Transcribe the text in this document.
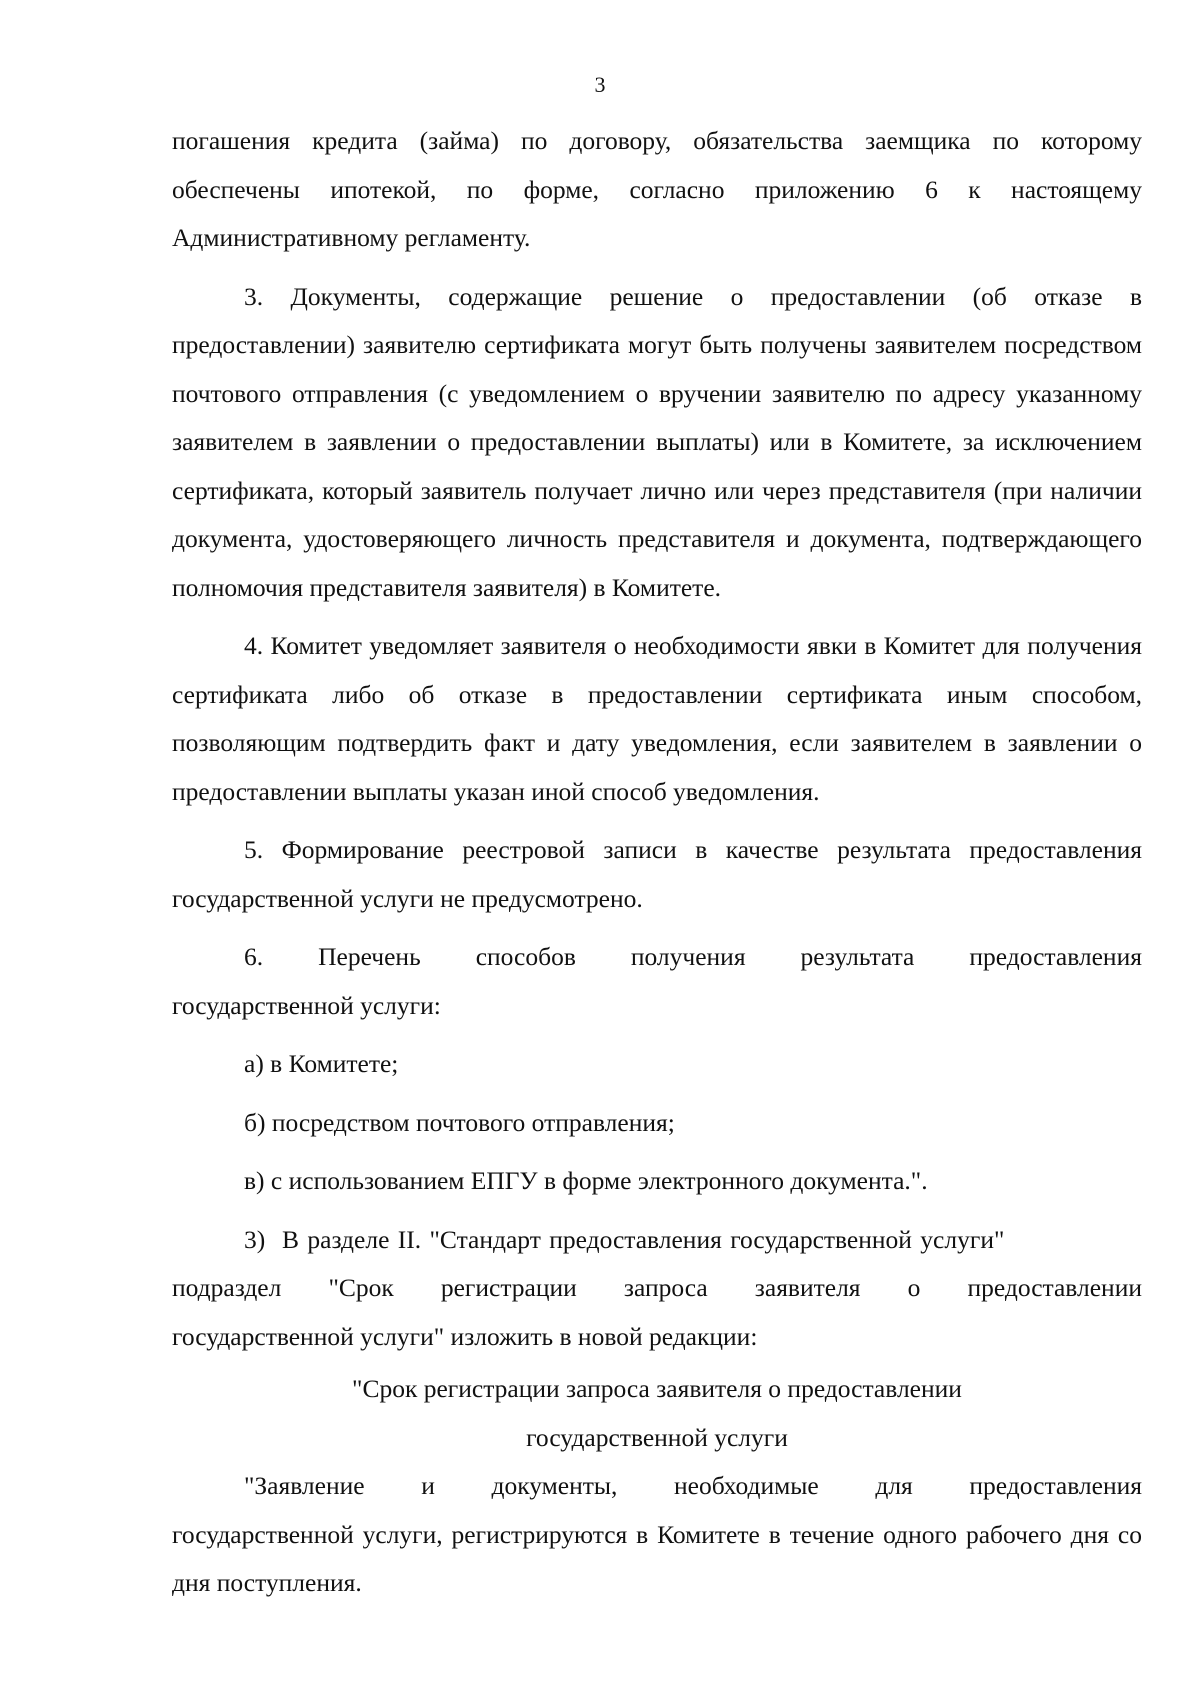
3

погашения кредита (займа) по договору, обязательства заемщика по которому обеспечены ипотекой, по форме, согласно приложению 6 к настоящему Административному регламенту.

3. Документы, содержащие решение о предоставлении (об отказе в предоставлении) заявителю сертификата могут быть получены заявителем посредством почтового отправления (с уведомлением о вручении заявителю по адресу указанному заявителем в заявлении о предоставлении выплаты) или в Комитете, за исключением сертификата, который заявитель получает лично или через представителя (при наличии документа, удостоверяющего личность представителя и документа, подтверждающего полномочия представителя заявителя) в Комитете.

4. Комитет уведомляет заявителя о необходимости явки в Комитет для получения сертификата либо об отказе в предоставлении сертификата иным способом, позволяющим подтвердить факт и дату уведомления, если заявителем в заявлении о предоставлении выплаты указан иной способ уведомления.

5. Формирование реестровой записи в качестве результата предоставления государственной услуги не предусмотрено.

6. Перечень способов получения результата предоставления
государственной услуги:

а) в Комитете;

б) посредством почтового отправления;

в) с использованием ЕПГУ в форме электронного документа.".

3)  В разделе II. "Стандарт предоставления государственной услуги"
подраздел "Срок регистрации запроса заявителя о предоставлении
государственной услуги" изложить в новой редакции:

"Срок регистрации запроса заявителя о предоставлении

государственной услуги

"Заявление и документы, необходимые для предоставления

государственной услуги, регистрируются в Комитете в течение одного рабочего дня со дня поступления.
